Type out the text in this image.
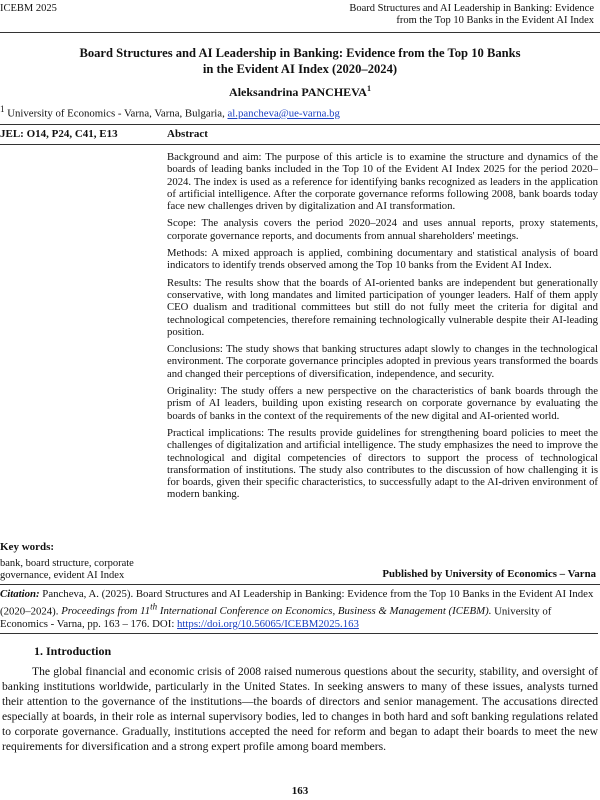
ICEBM 2025	Board Structures and AI Leadership in Banking: Evidence
from the Top 10 Banks in the Evident AI Index
Board Structures and AI Leadership in Banking: Evidence from the Top 10 Banks
in the Evident AI Index (2020–2024)
Aleksandrina PANCHEVA$^1$
$^1$ University of Economics - Varna, Varna, Bulgaria, al.pancheva@ue-varna.bg
JEL: O14, P24, C41, E13	Abstract

Background and aim: The purpose of this article is to examine the structure and dynamics of the boards of leading banks included in the Top 10 of the Evident AI Index 2025 for the period 2020–2024. The index is used as a reference for identifying banks recognized as leaders in the application of artificial intelligence. After the corporate governance reforms following 2008, bank boards today face new challenges driven by digitalization and AI transformation.

Scope: The analysis covers the period 2020–2024 and uses annual reports, proxy statements, corporate governance reports, and documents from annual shareholders' meetings.

Methods: A mixed approach is applied, combining documentary and statistical analysis of board indicators to identify trends observed among the Top 10 banks from the Evident AI Index.

Results: The results show that the boards of AI-oriented banks are independent but generationally conservative, with long mandates and limited participation of younger leaders. Half of them apply CEO dualism and traditional committees but still do not fully meet the criteria for digital and technological competencies, therefore remaining technologically vulnerable despite their AI-leading position.

Conclusions: The study shows that banking structures adapt slowly to changes in the technological environment. The corporate governance principles adopted in previous years transformed the boards and changed their perceptions of diversification, independence, and security.

Originality: The study offers a new perspective on the characteristics of bank boards through the prism of AI leaders, building upon existing research on corporate governance by evaluating the boards of banks in the context of the requirements of the new digital and AI-oriented world.

Practical implications: The results provide guidelines for strengthening board policies to meet the challenges of digitalization and artificial intelligence. The study emphasizes the need to improve the technological and digital competencies of directors to support the process of technological transformation of institutions. The study also contributes to the discussion of how challenging it is for boards, given their specific characteristics, to successfully adapt to the AI-driven environment of modern banking.

Key words:
bank, board structure, corporate governance, evident AI Index	Published by University of Economics – Varna
Citation: Pancheva, A. (2025). Board Structures and AI Leadership in Banking: Evidence from the Top 10 Banks in the Evident AI Index (2020–2024). Proceedings from 11th International Conference on Economics, Business & Management (ICEBM). University of Economics - Varna, pp. 163 – 176. DOI: https://doi.org/10.56065/ICEBM2025.163
1. Introduction

The global financial and economic crisis of 2008 raised numerous questions about the security, stability, and oversight of banking institutions worldwide, particularly in the United States. In seeking answers to many of these issues, analysts turned their attention to the governance of the institutions—the boards of directors and senior management. The accusations directed especially at boards, in their role as internal supervisory bodies, led to changes in both hard and soft banking regulations related to corporate governance. Gradually, institutions accepted the need for reform and began to adapt their boards to meet the new requirements for diversification and a strong expert profile among board members.

163
